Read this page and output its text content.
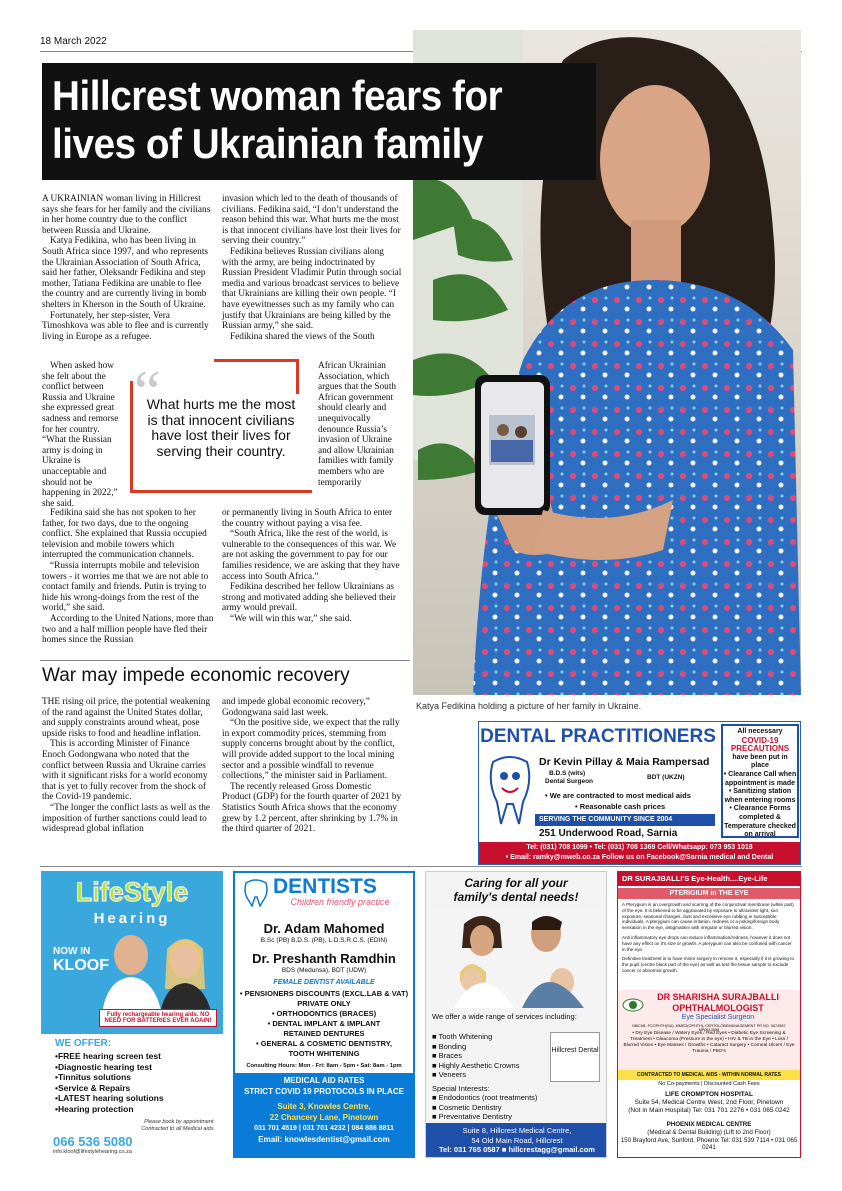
18 March 2022
Hillcrest woman fears for
lives of Ukrainian family

A UKRAINIAN woman living in Hillcrest says she fears for her family and the civilians in her home country due to the conflict between Russia and Ukraine.

Katya Fedikina, who has been living in South Africa since 1997, and who represents the Ukrainian Association of South Africa, said her father, Oleksandr Fedikina and step mother, Tatiana Fedikina are unable to flee the country and are currently living in bomb shelters in Kherson in the South of Ukraine.

Fortunately, her step-sister, Vera Timoshkova was able to flee and is currently living in Europe as a refugee.

When asked how she felt about the conflict between Russia and Ukraine she expressed great sadness and remorse for her country. “What the Russian army is doing in Ukraine is unacceptable and should not be happening in 2022,” she said.

Fedikina said she has not spoken to her father, for two days, due to the ongoing conflict. She explained that Russia occupied television and mobile towers which interrupted the communication channels.

“Russia interrupts mobile and television towers - it worries me that we are not able to contact family and friends. Putin is trying to hide his wrong-doings from the rest of the world,” she said.

According to the United Nations, more than two and a half million people have fled their homes since the Russian

invasion which led to the death of thousands of civilians. Fedikina said, “I don’t understand the reason behind this war. What hurts me the most is that innocent civilians have lost their lives for serving their country.”

Fedikina believes Russian civilians along with the army, are being indoctrinated by Russian President Vladimir Putin through social media and various broadcast services to believe that Ukrainians are killing their own people. “I have eyewitnesses such as my family who can justify that Ukrainians are being killed by the Russian army,” she said.

Fedikina shared the views of the South

African Ukrainian Association, which argues that the South African government should clearly and unequivocally denounce Russia’s invasion of Ukraine and allow Ukrainian families with family members who are temporarily

or permanently living in South Africa to enter the country without paying a visa fee.

“South Africa, like the rest of the world, is vulnerable to the consequences of this war. We are not asking the government to pay for our families residence, we are asking that they have access into South Africa.”

Fedikina described her fellow Ukrainians as strong and motivated adding she believed their army would prevail.

“We will win this war,” she said.

“
What hurts me the most is that innocent civilians have lost their lives for serving their country.
Katya Fedikina holding a picture of her family in Ukraine.
War may impede economic recovery

THE rising oil price, the potential weakening of the rand against the United States dollar, and supply constraints around wheat, pose upside risks to food and headline inflation.

This is according Minister of Finance Enoch Godongwana who noted that the conflict between Russia and Ukraine carries with it significant risks for a world economy that is yet to fully recover from the shock of the Covid-19 pandemic.

“The longer the conflict lasts as well as the imposition of further sanctions could lead to widespread global inflation

and impede global economic recovery,” Godongwana said last week.

“On the positive side, we expect that the rally in export commodity prices, stemming from supply concerns brought about by the conflict, will provide added support to the local mining sector and a possible windfall to revenue collections,” the minister said in Parliament.

The recently released Gross Domestic Product (GDP) for the fourth quarter of 2021 by Statistics South Africa shows that the economy grew by 1.2 percent, after shrinking by 1.7% in the third quarter of 2021.

DENTAL PRACTITIONERS
Dr Kevin Pillay & Maia Rampersad
B.D.S (wits)
Dental Surgeon
BDT (UKZN)
• We are contracted to most medical aids
• Reasonable cash prices
SERVING THE COMMUNITY SINCE 2004
251 Underwood Road, Sarnia
All necessary
COVID-19
PRECAUTIONS
have been put in place
• Clearance Call when appointment is made
• Sanitizing station when entering rooms
• Clearance Forms completed & Temperature checked on arrival
Tel: (031) 708 1099 • Tel: (031) 708 1369 Cell/Whatsapp: 073 953 1018
• Email: ramky@mweb.co.za Follow us on Facebook@Sarnia medical and Dental
LifeStyle
Hearing
NOW IN
KLOOF
Fully rechargeable hearing aids. NO NEED FOR BATTERIES EVER AGAIN!
WE OFFER:
•FREE hearing screen test
•Diagnostic hearing test
•Tinnitus solutions
•Service & Repairs
•LATEST hearing solutions
•Hearing protection
Please book by appointment.
Contracted to all Medical aids.
066 536 5080
info.kloof@lifestylehearing.co.za
DENTISTS
Children friendly practice
Dr. Adam Mahomed
B.Sc (PB) B.D.S. (PB), L.D.S.R.C.S. (EDIN)
Dr. Preshanth Ramdhin
BDS (Medunsa), BDT (UDW)
FEMALE DENTIST AVAILABLE
• PENSIONERS DISCOUNTS (EXCL.LAB & VAT)
PRIVATE ONLY
• ORTHODONTICS (BRACES)
• DENTAL IMPLANT & IMPLANT
RETAINED DENTURES
• GENERAL & COSMETIC DENTISTRY,
TOOTH WHITENING
Consulting Hours: Mon - Fri: 8am - 5pm • Sat: 8am - 1pm
MEDICAL AID RATES
STRICT COVID 19 PROTOCOLS IN PLACE
Suite 3, Knowles Centre,
22 Chancery Lane, Pinetown
031 701 4519 | 031 701 4232 | 084 886 8811
Email: knowlesdentist@gmail.com
Caring for all your
family's dental needs!
We offer a wide range of services including:
■ Tooth Whitening
■ Bonding
■ Braces
■ Highly Aesthetic Crowns
■ Veneers
Special Interests:
■ Endodontics (root treatments)
■ Cosmetic Dentistry
■ Preventative Dentistry
Hillcrest Dental
Suite 8, Hillcrest Medical Centre,
54 Old Main Road, Hillcrest
Tel: 031 765 0587 ■ hillcrestagg@gmail.com
DR SURAJBALLI'S Eye-Health....Eye-Life
PTERIGIUM in THE EYE

A Pterygium is an overgrowth and scarring of the conjunctival membrane (white part) of the eye. It is believed to be aggravated by exposure to ultraviolet light, sun exposure, seasonal changes, dust and excessive eye rubbing in susceptible individuals. A pterygium can cause irritation, redness or a poking/foreign body sensation in the eye, astigmatism with irregular or blurred vision.

Anti inflammatory eye drops can reduce inflammation/redness, however it does not have any effect on it's size or growth. A pterygium can also be confused with cancer in the eye.

Definitive treatment is to have minor surgery to remove it, especially if it is growing to the pupil (centre black part of the eye) as well as test the tissue sample to exclude cancer or abnormal growth.

DR SHARISHA SURAJBALLI
OPHTHALMOLOGIST
Eye Specialist Surgeon
MBChB; FCOPHTH(SA); MMED(OPHTH); CERTGLOBEMANAGEMENT PR NO. 0674587 MP0613558
• Dry Eye Disease / Watery Eyes / Red Eyes • Diabetic Eye Screening & Treatment • Glaucoma (Pressure in the eye) • HIV & TB in the Eye • Loss / Blurred Vision • Eye Masses / Growths • Cataract Surgery • Corneal Ulcers / Eye Trauma / FBO's
CONTRACTED TO MEDICAL AIDS - WITHIN NORMAL RATES
No Co-payments | Discounted Cash Fees
LIFE CROMPTON HOSPITAL
Suite 54, Medical Centre West, 2nd Floor, Pinetown
(Not in Main Hospital) Tel: 031 701 2276 • 031 065 0242
PHOENIX MEDICAL CENTRE
(Medical & Dental Building) (Lift to 2nd Floor)
150 Brayford Ave, Sunford, Phoenix Tel: 031 539 7114 • 031 065 0241
